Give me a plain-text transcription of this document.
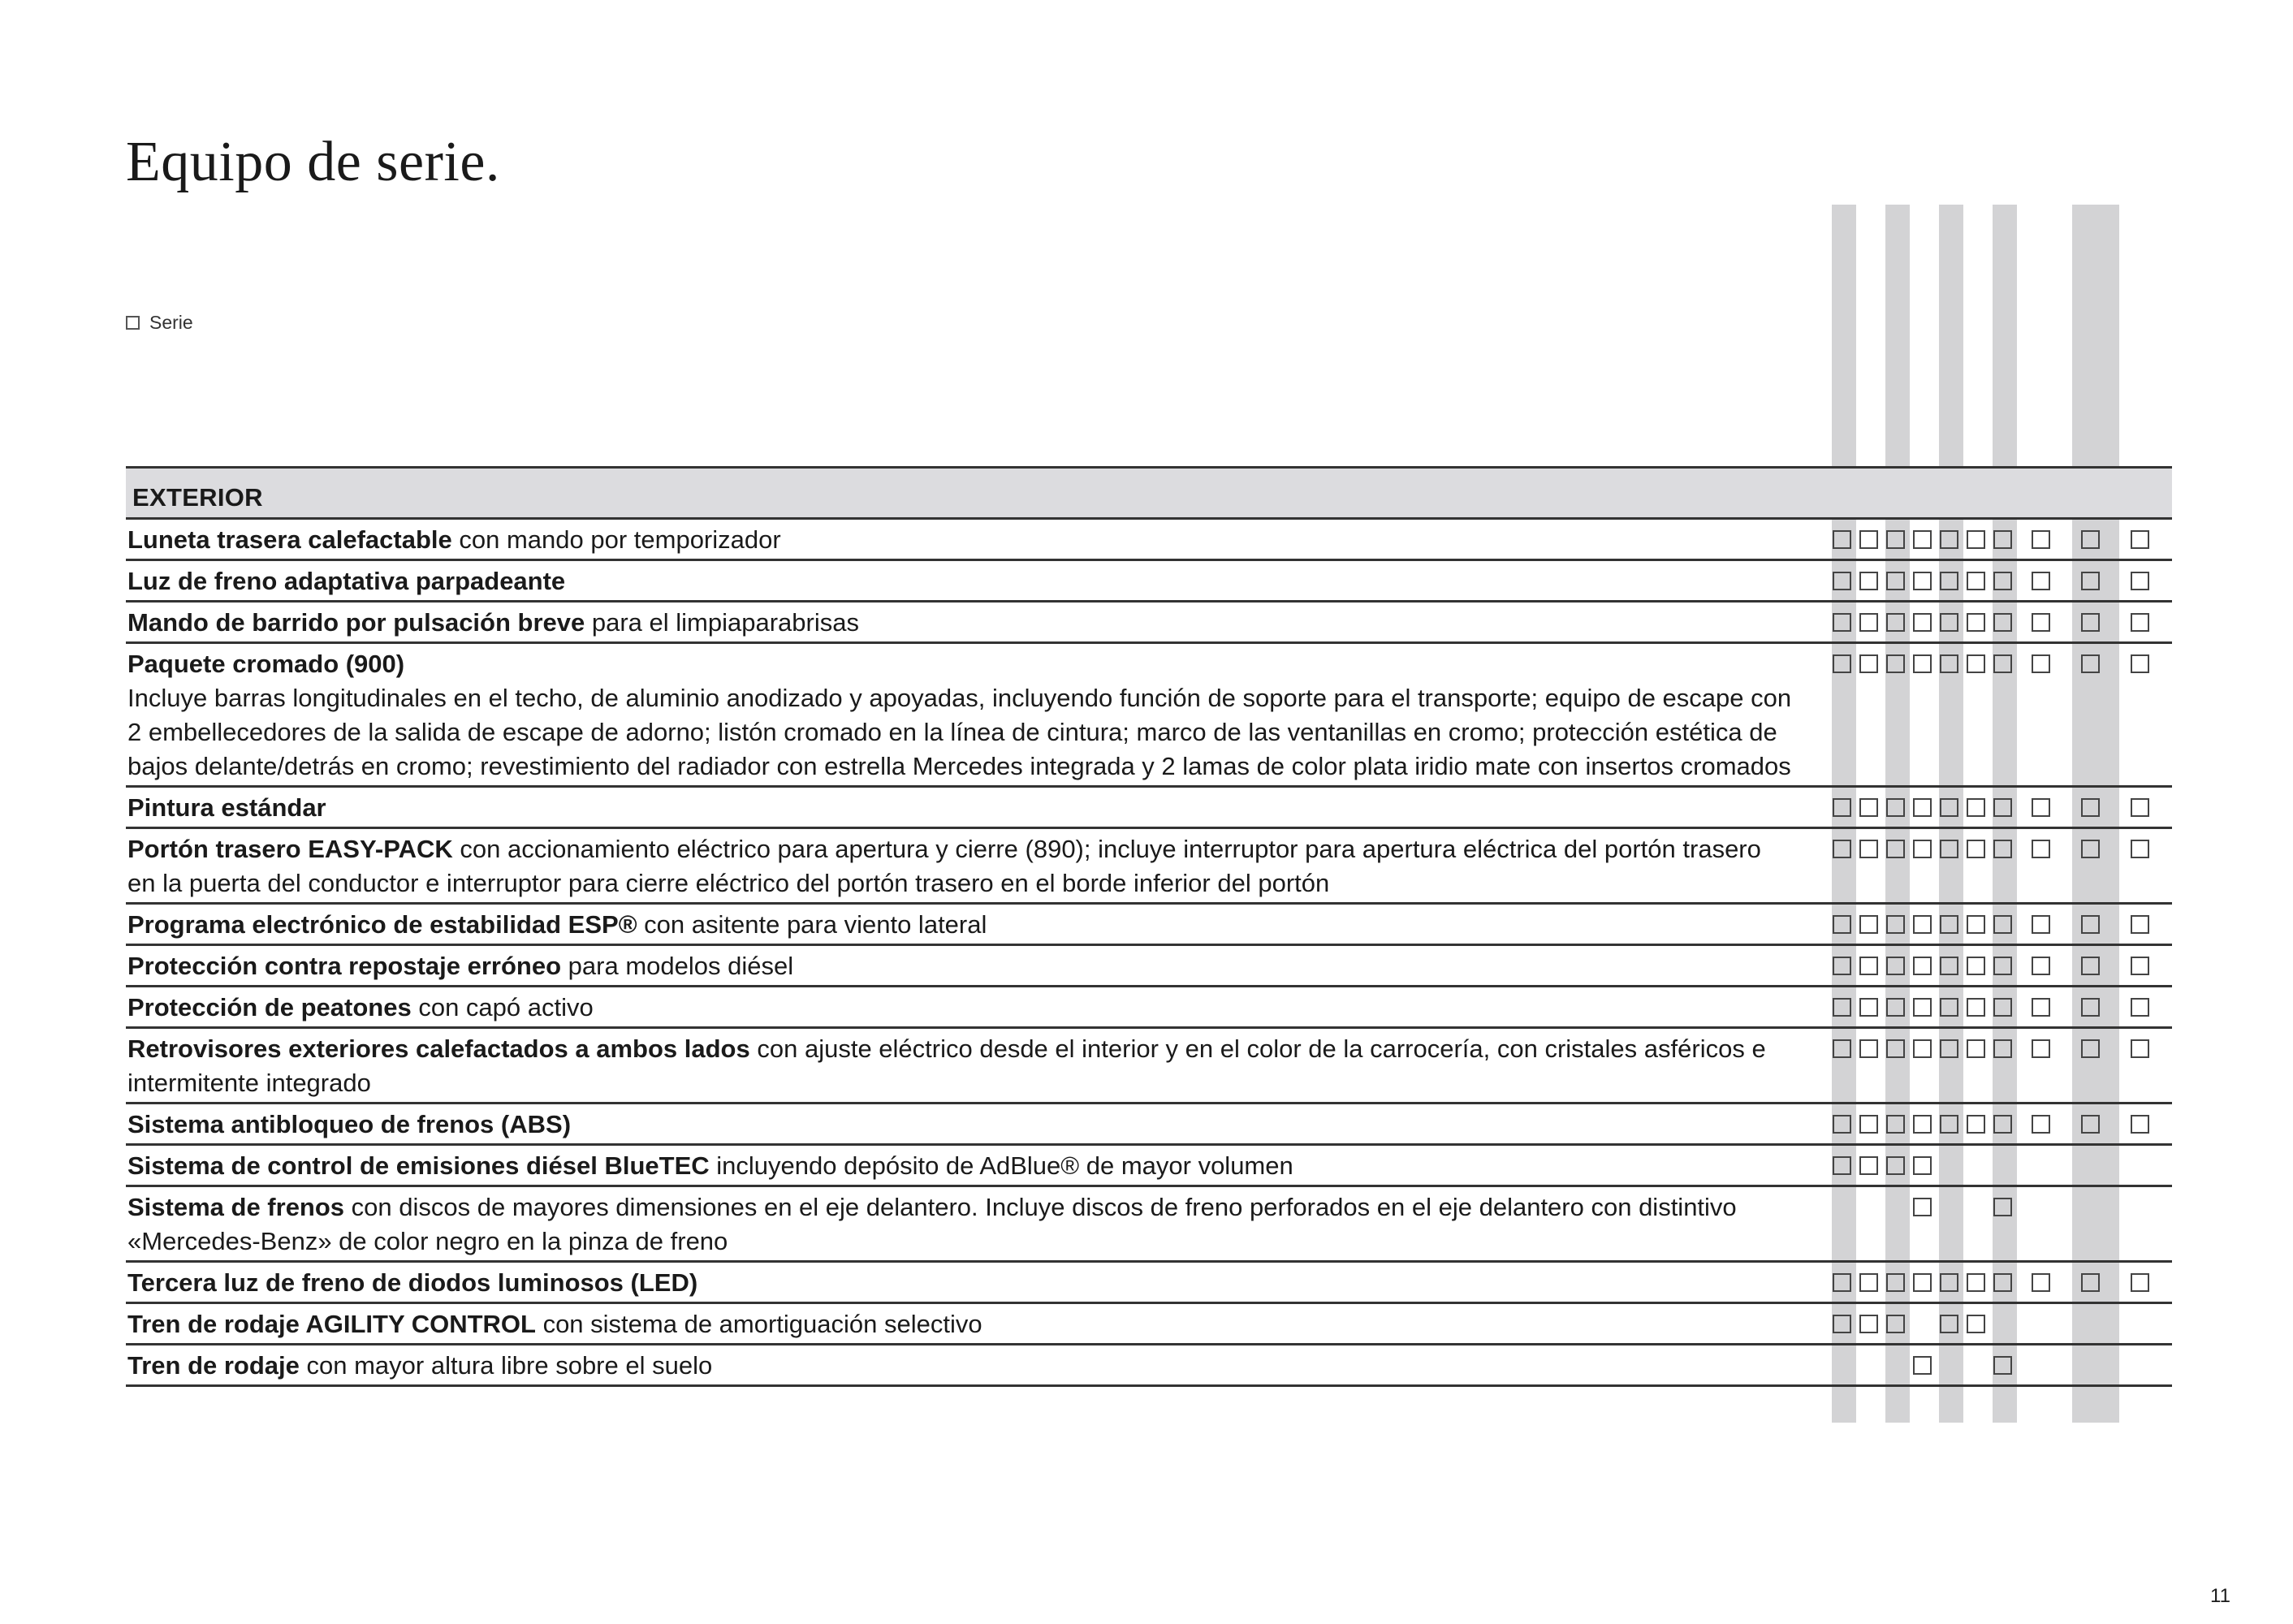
Equipo de serie.
Serie
EXTERIOR
Luneta trasera calefactable con mando por temporizador
Luz de freno adaptativa parpadeante
Mando de barrido por pulsación breve para el limpiaparabrisas
Paquete cromado (900)
Incluye barras longitudinales en el techo, de aluminio anodizado y apoyadas, incluyendo función de soporte para el transporte; equipo de escape con 2 embellecedores de la salida de escape de adorno; listón cromado en la línea de cintura; marco de las ventanillas en cromo; protección estética de bajos delante/detrás en cromo; revestimiento del radiador con estrella Mercedes integrada y 2 lamas de color plata iridio mate con insertos cromados
Pintura estándar
Portón trasero EASY-PACK con accionamiento eléctrico para apertura y cierre (890); incluye interruptor para apertura eléctrica del portón trasero en la puerta del conductor e interruptor para cierre eléctrico del portón trasero en el borde inferior del portón
Programa electrónico de estabilidad ESP® con asitente para viento lateral
Protección contra repostaje erróneo para modelos diésel
Protección de peatones con capó activo
Retrovisores exteriores calefactados a ambos lados con ajuste eléctrico desde el interior y en el color de la carrocería, con cristales asféricos e intermitente integrado
Sistema antibloqueo de frenos (ABS)
Sistema de control de emisiones diésel BlueTEC incluyendo depósito de AdBlue® de mayor volumen
Sistema de frenos con discos de mayores dimensiones en el eje delantero. Incluye discos de freno perforados en el eje delantero con distintivo «Mercedes-Benz» de color negro en la pinza de freno
Tercera luz de freno de diodos luminosos (LED)
Tren de rodaje AGILITY CONTROL con sistema de amortiguación selectivo
Tren de rodaje con mayor altura libre sobre el suelo
11
